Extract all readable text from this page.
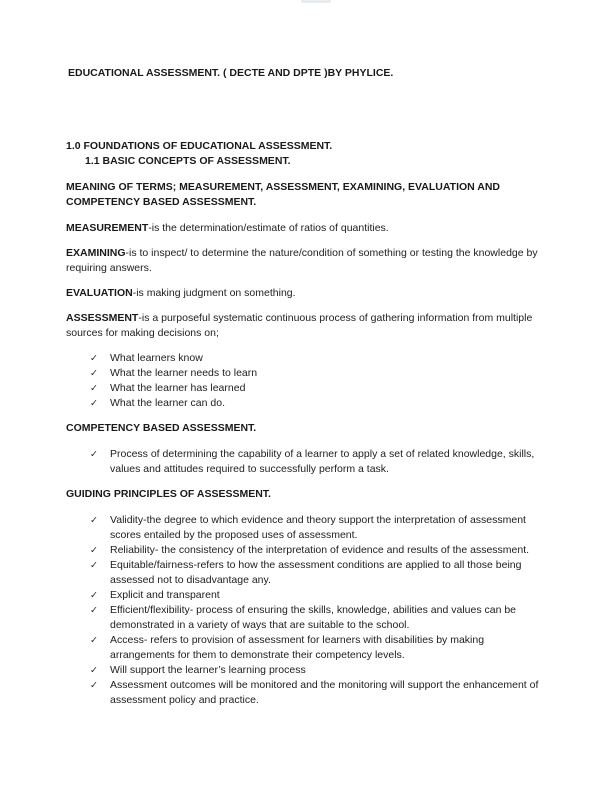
EDUCATIONAL ASSESSMENT. ( DECTE AND DPTE )BY PHYLICE.

1.0 FOUNDATIONS OF EDUCATIONAL ASSESSMENT.

1.1 BASIC CONCEPTS OF ASSESSMENT.

MEANING OF TERMS; MEASUREMENT, ASSESSMENT, EXAMINING, EVALUATION AND COMPETENCY BASED ASSESSMENT.

MEASUREMENT-is the determination/estimate of ratios of quantities.

EXAMINING-is to inspect/ to determine the nature/condition of something or testing the knowledge by requiring answers.

EVALUATION-is making judgment on something.

ASSESSMENT-is a purposeful systematic continuous process of gathering information from multiple sources for making decisions on;

✓	What learners know
✓	What the learner needs to learn
✓	What the learner has learned
✓	What the learner can do.

COMPETENCY BASED ASSESSMENT.

✓	Process of determining the capability of a learner to apply a set of related knowledge, skills, values and attitudes required to successfully perform a task.

GUIDING PRINCIPLES OF ASSESSMENT.

✓	Validity-the degree to which evidence and theory support the interpretation of assessment scores entailed by the proposed uses of assessment.
✓	Reliability- the consistency of the interpretation of evidence and results of the assessment.
✓	Equitable/fairness-refers to how the assessment conditions are applied to all those being assessed not to disadvantage any.
✓	Explicit and transparent
✓	Efficient/flexibility- process of ensuring the skills, knowledge, abilities and values can be demonstrated in a variety of ways that are suitable to the school.
✓	Access- refers to provision of assessment for learners with disabilities by making arrangements for them to demonstrate their competency levels.
✓	Will support the learner’s learning process
✓	Assessment outcomes will be monitored and the monitoring will support the enhancement of assessment policy and practice.
